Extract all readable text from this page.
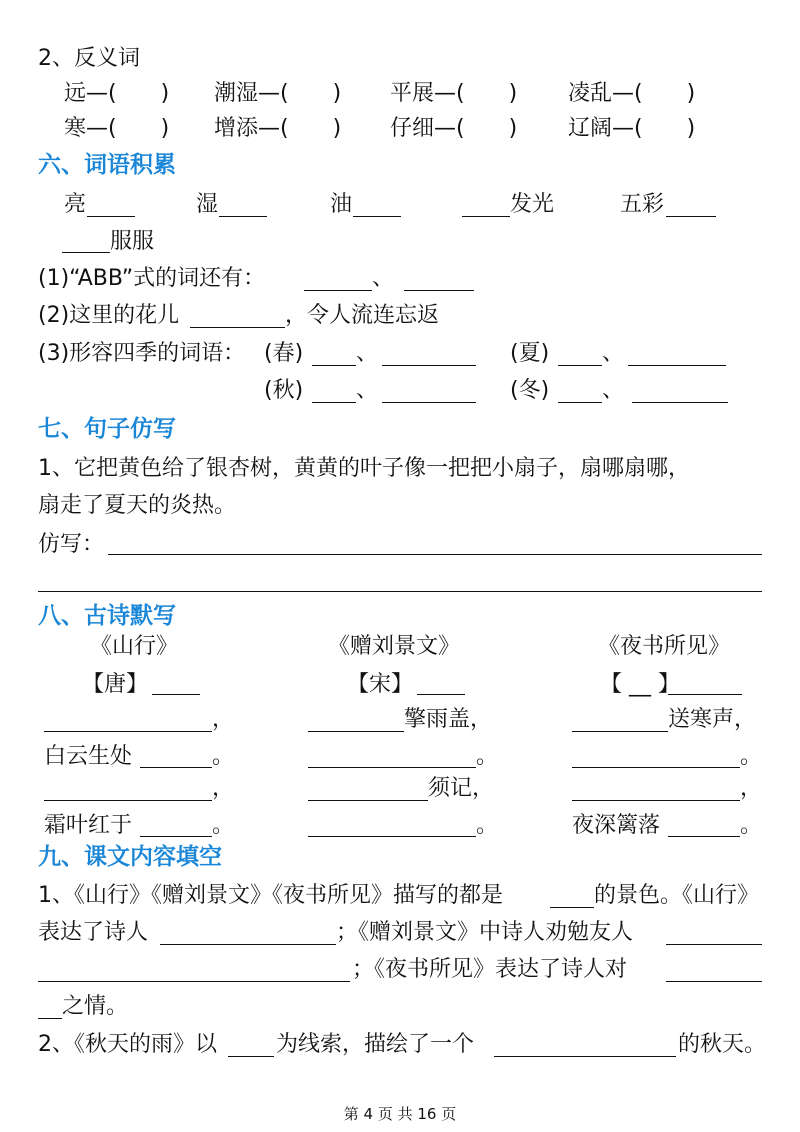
2、反义词
远—(　　) 潮湿—(　　) 平展—(　　) 凌乱—(　　)
寒—(　　) 增添—(　　) 仔细—(　　) 辽阔—(　　)
六、词语积累
亮	湿	油	发光	五彩
服服
(1)“ABB”式的词还有：	、
(2)这里的花儿	，令人流连忘返
(3)形容四季的词语： (春) 、	(夏) 、
(秋) 、	(冬) 、
七、句子仿写
1、它把黄色给了银杏树，黄黄的叶子像一把把小扇子，扇哪扇哪，
扇走了夏天的炎热。
仿写：
八、古诗默写
《山行》	《赠刘景文》	《夜书所见》
【唐】	【宋】	【 __ 】
，	擎雨盖，	送寒声，
白云生处	。	。	。
，	须记，	，
霜叶红于	。	。	夜深篱落	。
九、课文内容填空
1、《山行》《赠刘景文》《夜书所见》描写的都是	的景色。《山行》
表达了诗人	；《赠刘景文》中诗人劝勉友人
；《夜书所见》表达了诗人对
之情。
2、《秋天的雨》以	为线索，描绘了一个	的秋天。
第 4 页 共 16 页
